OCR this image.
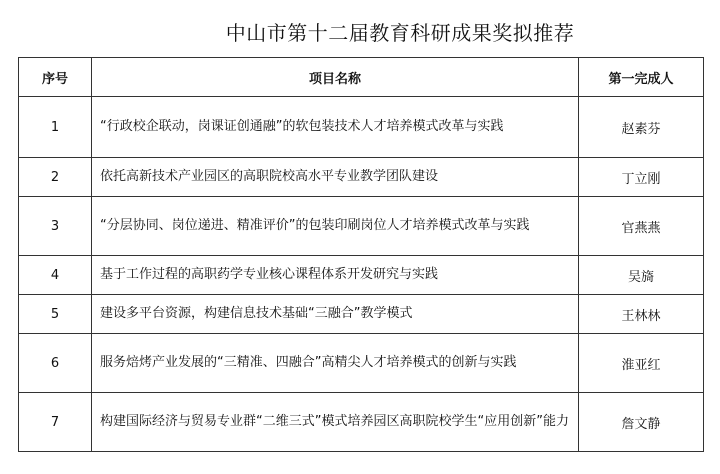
中山市第十二届教育科研成果奖拟推荐
序号	项目名称	第一完成人
1	“行政校企联动，岗课证创通融”的软包装技术人才培养模式改革与实践	赵素芬
2	依托高新技术产业园区的高职院校高水平专业教学团队建设	丁立刚
3	“分层协同、岗位递进、精准评价”的包装印刷岗位人才培养模式改革与实践	官燕燕
4	基于工作过程的高职药学专业核心课程体系开发研究与实践	吴旖
5	建设多平台资源，构建信息技术基础“三融合”教学模式	王林林
6	服务焙烤产业发展的“三精准、四融合”高精尖人才培养模式的创新与实践	淮亚红
7	构建国际经济与贸易专业群“二维三式”模式培养园区高职院校学生“应用创新”能力	詹文静
